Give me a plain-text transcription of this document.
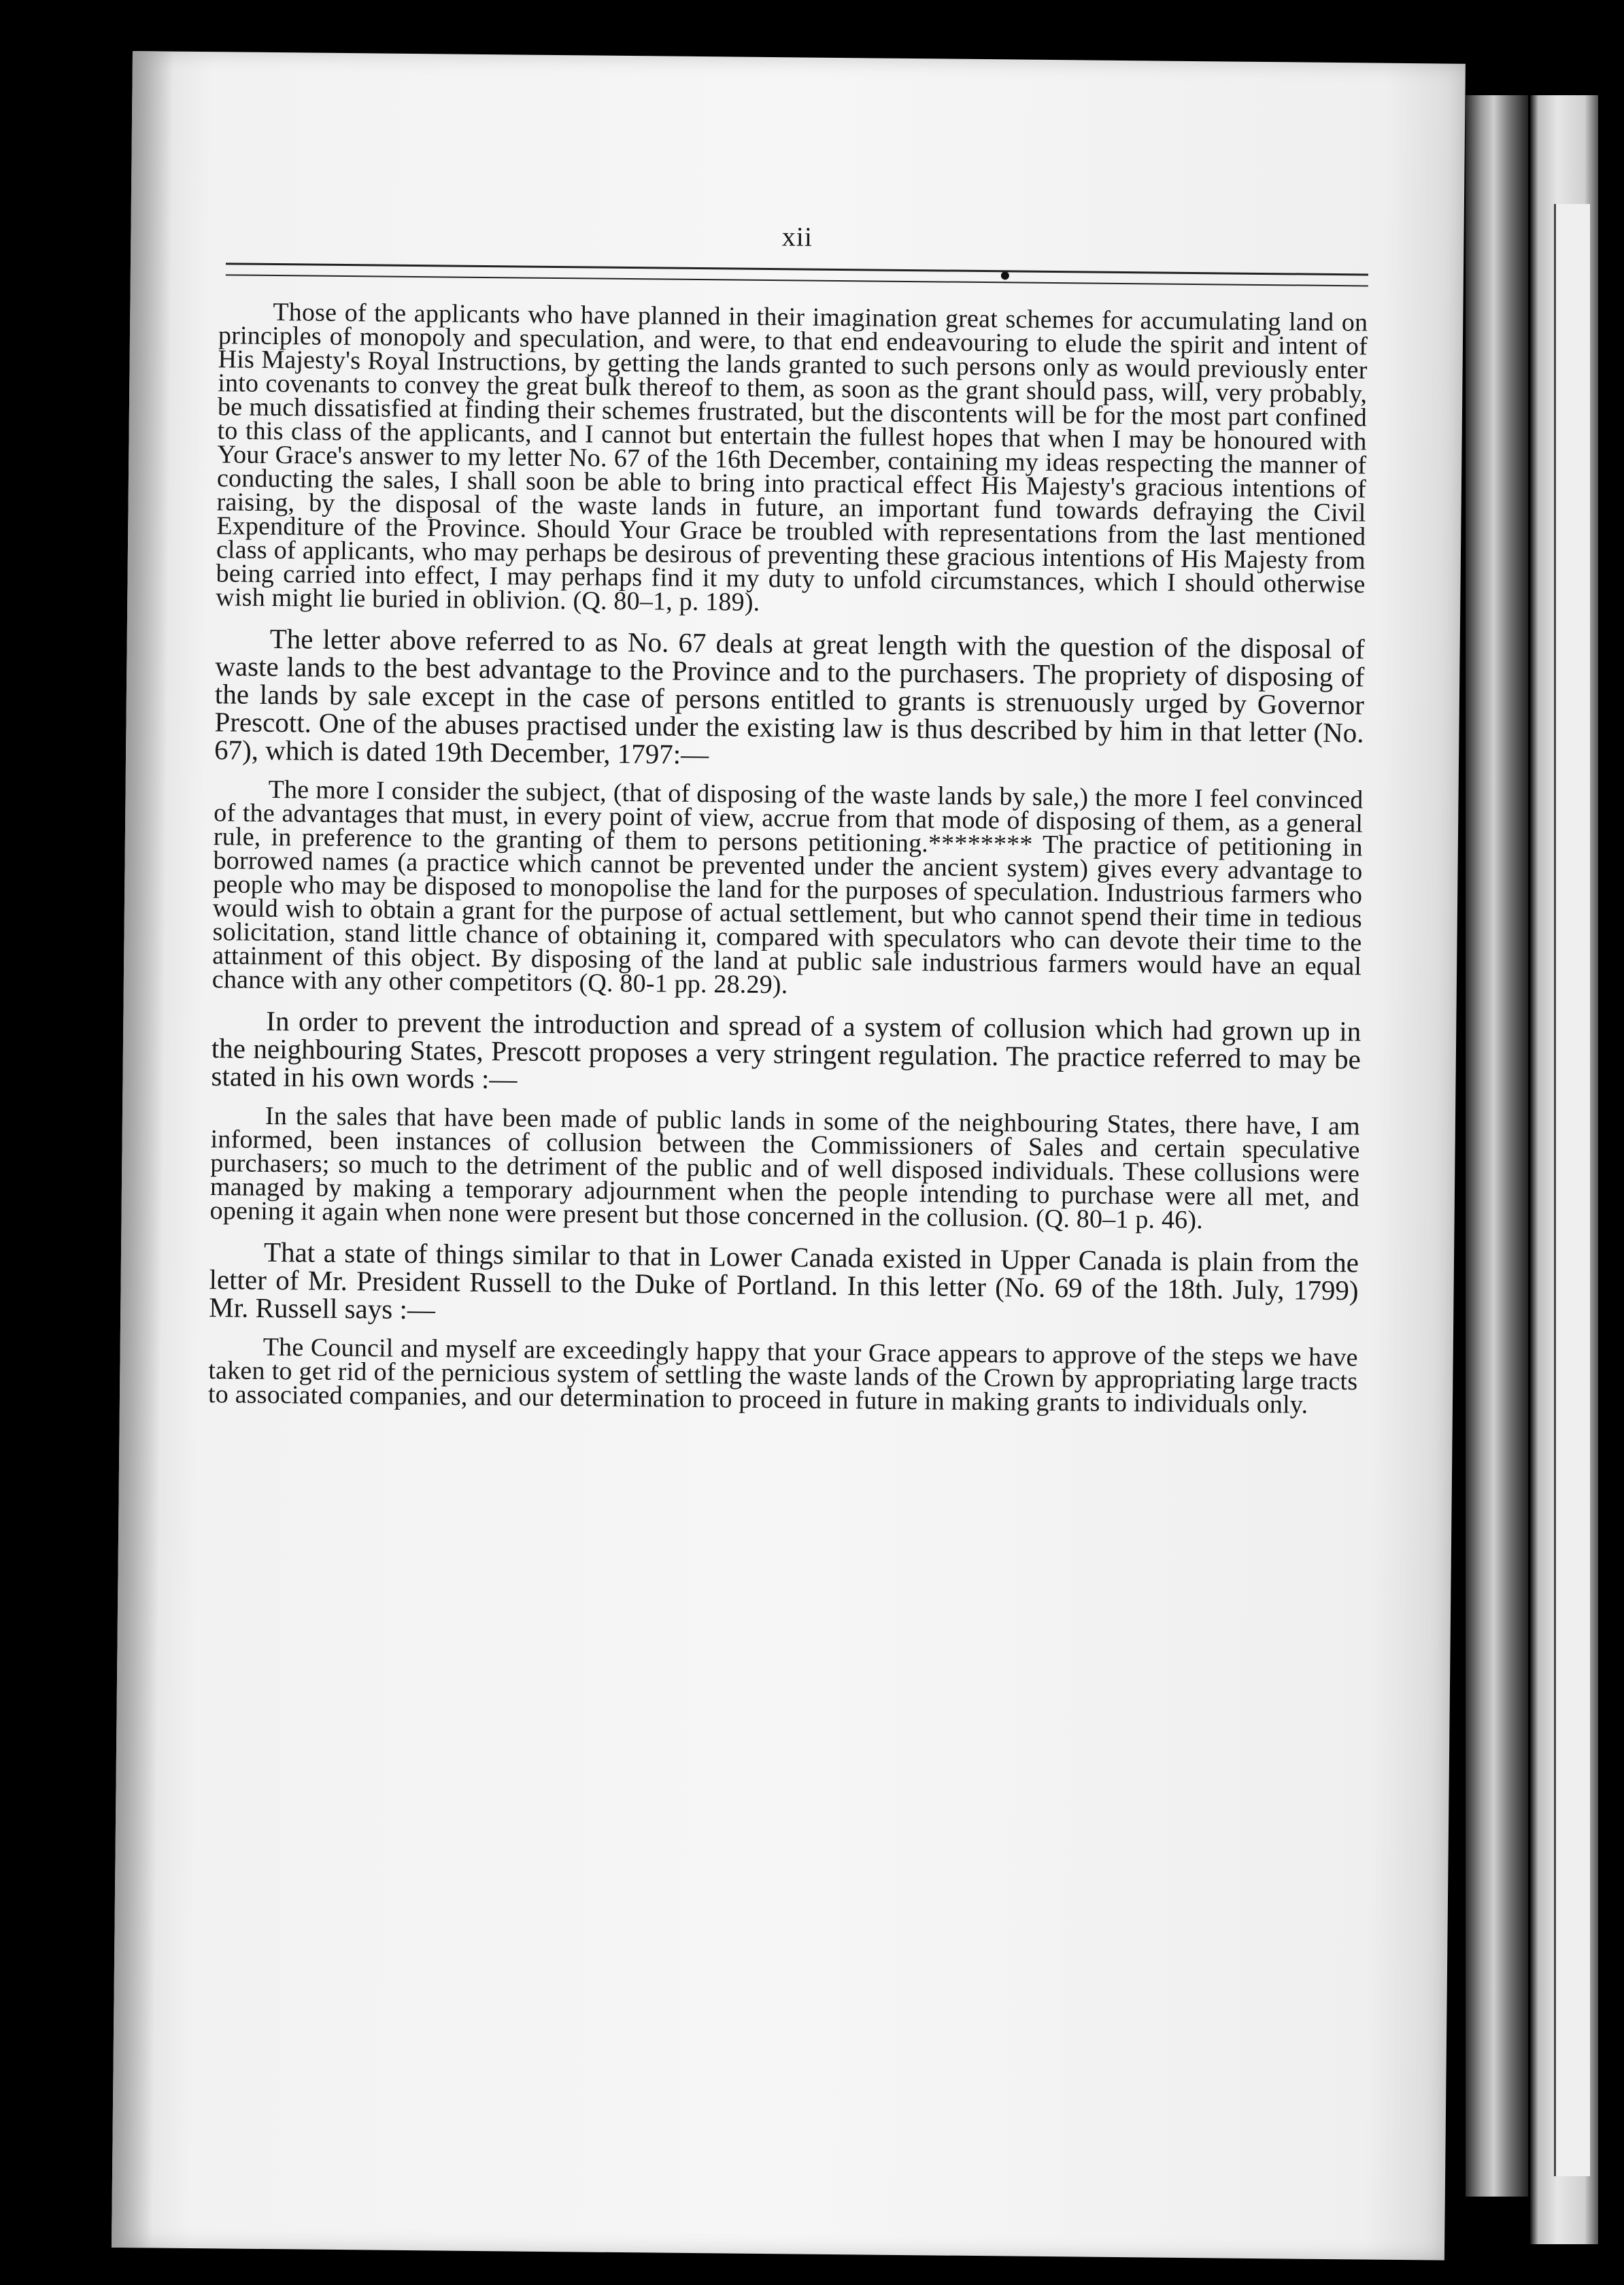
xii

Those of the applicants who have planned in their imagination great schemes for accumulating land on principles of monopoly and speculation, and were, to that end endeavouring to elude the spirit and intent of His Majesty's Royal Instructions, by getting the lands granted to such persons only as would previously enter into covenants to convey the great bulk thereof to them, as soon as the grant should pass, will, very probably, be much dissatisfied at finding their schemes frustrated, but the discontents will be for the most part confined to this class of the applicants, and I cannot but entertain the fullest hopes that when I may be honoured with Your Grace's answer to my letter No. 67 of the 16th December, containing my ideas respecting the manner of conducting the sales, I shall soon be able to bring into practical effect His Majesty's gracious intentions of raising, by the disposal of the waste lands in future, an important fund towards defraying the Civil Expenditure of the Province. Should Your Grace be troubled with representations from the last mentioned class of applicants, who may perhaps be desirous of preventing these gracious intentions of His Majesty from being carried into effect, I may perhaps find it my duty to unfold circumstances, which I should otherwise wish might lie buried in oblivion. (Q. 80–1, p. 189).

The letter above referred to as No. 67 deals at great length with the question of the disposal of waste lands to the best advantage to the Province and to the purchasers. The propriety of disposing of the lands by sale except in the case of persons entitled to grants is strenuously urged by Governor Prescott. One of the abuses practised under the existing law is thus described by him in that letter (No. 67), which is dated 19th December, 1797:—

The more I consider the subject, (that of disposing of the waste lands by sale,) the more I feel convinced of the advantages that must, in every point of view, accrue from that mode of disposing of them, as a general rule, in preference to the granting of them to persons petitioning.******** The practice of petitioning in borrowed names (a practice which cannot be prevented under the ancient system) gives every advantage to people who may be disposed to monopolise the land for the purposes of speculation. Industrious farmers who would wish to obtain a grant for the purpose of actual settlement, but who cannot spend their time in tedious solicitation, stand little chance of obtaining it, compared with speculators who can devote their time to the attainment of this object. By disposing of the land at public sale industrious farmers would have an equal chance with any other competitors (Q. 80-1 pp. 28.29).

In order to prevent the introduction and spread of a system of collusion which had grown up in the neighbouring States, Prescott proposes a very stringent regulation. The practice referred to may be stated in his own words :—

In the sales that have been made of public lands in some of the neighbouring States, there have, I am informed, been instances of collusion between the Commissioners of Sales and certain speculative purchasers; so much to the detriment of the public and of well disposed individuals. These collusions were managed by making a temporary adjournment when the people intending to purchase were all met, and opening it again when none were present but those concerned in the collusion. (Q. 80–1 p. 46).

That a state of things similar to that in Lower Canada existed in Upper Canada is plain from the letter of Mr. President Russell to the Duke of Portland. In this letter (No. 69 of the 18th. July, 1799) Mr. Russell says :—

The Council and myself are exceedingly happy that your Grace appears to approve of the steps we have taken to get rid of the pernicious system of settling the waste lands of the Crown by appropriating large tracts to associated companies, and our determination to proceed in future in making grants to individuals only.
